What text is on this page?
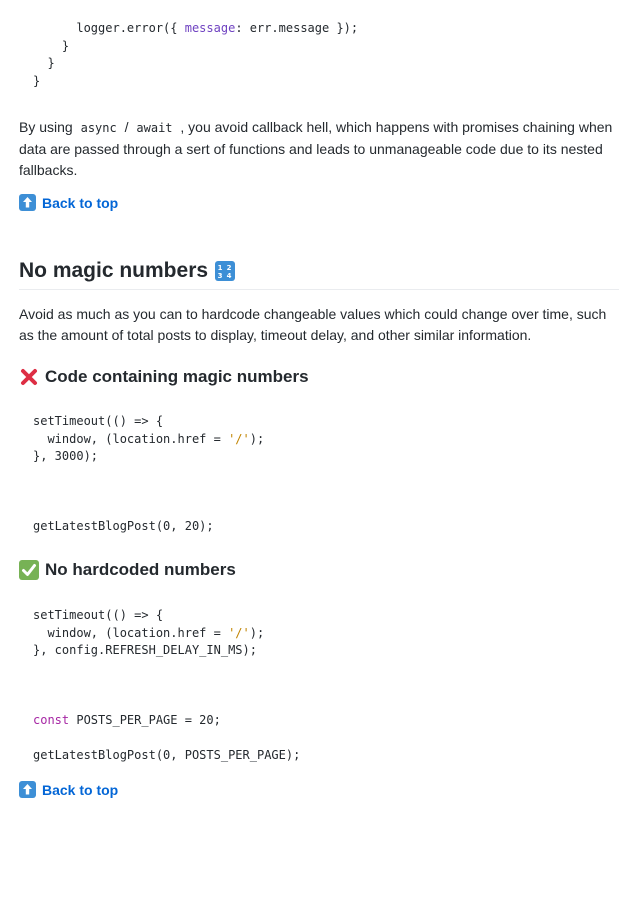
logger.error({ message: err.message });
}
}
}

By using async / await , you avoid callback hell, which happens with promises chaining when data are passed through a sert of functions and leads to unmanageable code due to its nested fallbacks.

Back to top
No magic numbers 1 2
3 4

Avoid as much as you can to hardcode changeable values which could change over time, such as the amount of total posts to display, timeout delay, and other similar information.

Code containing magic numbers
setTimeout(() => {
window, (location.href = '/');
}, 3000);
getLatestBlogPost(0, 20);
No hardcoded numbers
setTimeout(() => {
window, (location.href = '/');
}, config.REFRESH_DELAY_IN_MS);
const POSTS_PER_PAGE = 20;
getLatestBlogPost(0, POSTS_PER_PAGE);
Back to top
